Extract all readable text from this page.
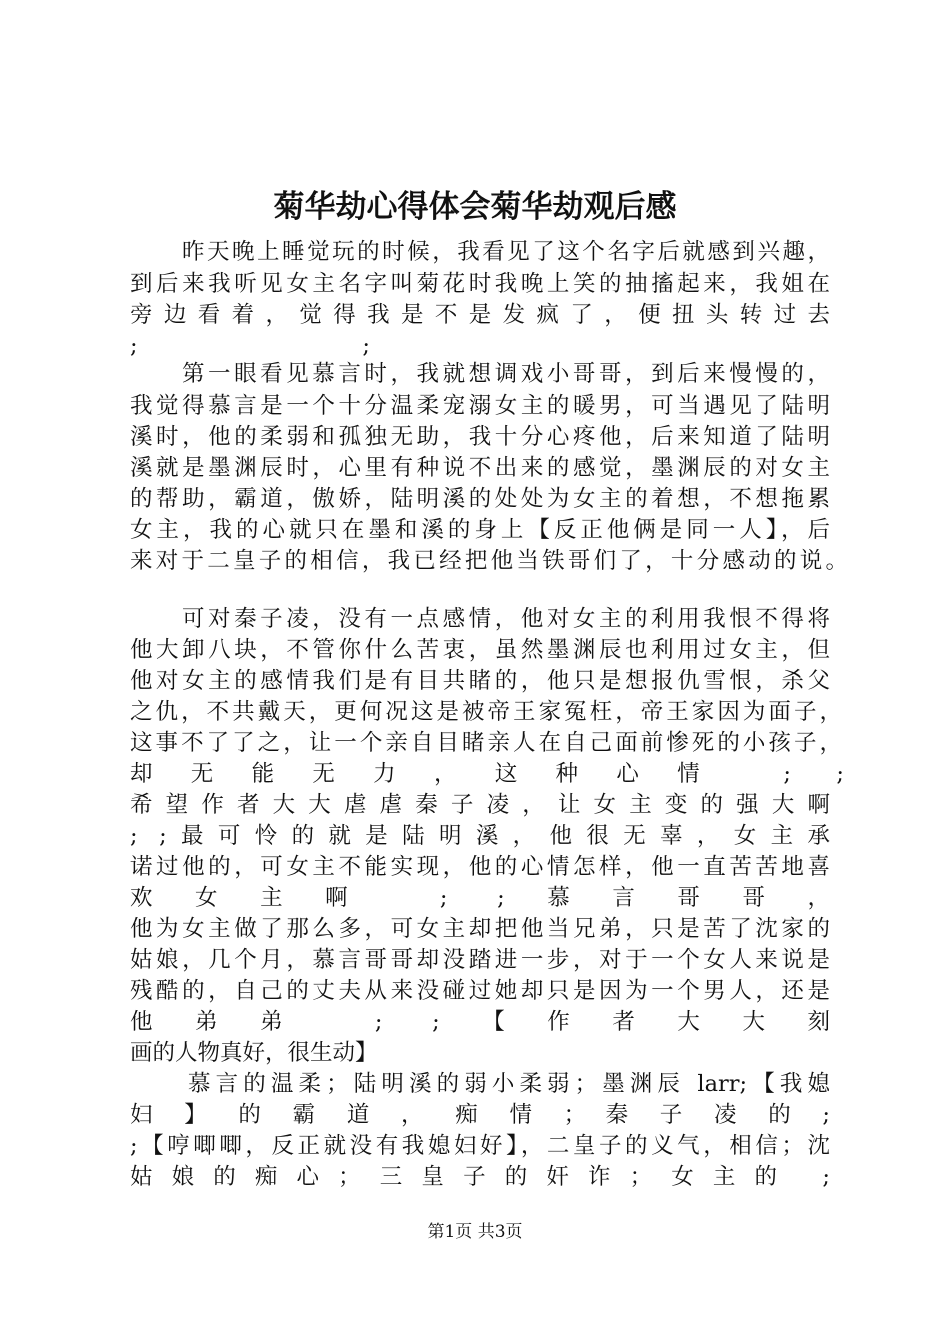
菊华劫心得体会菊华劫观后感
昨天晚上睡觉玩的时候，我看见了这个名字后就感到兴趣，
到后来我听见女主名字叫菊花时我晚上笑的抽搐起来，我姐在
旁 边 看 着 ， 觉 得 我 是 不 是 发 疯 了 ， 便 扭 头 转 过 去
; ;
第一眼看见慕言时，我就想调戏小哥哥，到后来慢慢的，
我觉得慕言是一个十分温柔宠溺女主的暖男，可当遇见了陆明
溪时，他的柔弱和孤独无助，我十分心疼他，后来知道了陆明
溪就是墨渊辰时，心里有种说不出来的感觉，墨渊辰的对女主
的帮助，霸道，傲娇，陆明溪的处处为女主的着想，不想拖累
女主，我的心就只在墨和溪的身上【反正他俩是同一人】，后
来对于二皇子的相信，我已经把他当铁哥们了，十分感动的说。
可对秦子凌，没有一点感情，他对女主的利用我恨不得将
他大卸八块，不管你什么苦衷，虽然墨渊辰也利用过女主，但
他对女主的感情我们是有目共睹的，他只是想报仇雪恨，杀父
之仇，不共戴天，更何况这是被帝王家冤枉，帝王家因为面子，
这事不了了之，让一个亲自目睹亲人在自己面前惨死的小孩子，
却无能无力，这种心情 ; ;
希 望 作 者 大 大 虐 虐 秦 子 凌 ， 让 女 主 变 的 强 大 啊
; ;最可怜的就是陆明溪，他很无辜，女主承
诺过他的，可女主不能实现，他的心情怎样，他一直苦苦地喜
欢女主啊 ; ;慕言哥哥，
他为女主做了那么多，可女主却把他当兄弟，只是苦了沈家的
姑娘，几个月，慕言哥哥却没踏进一步，对于一个女人来说是
残酷的，自己的丈夫从来没碰过她却只是因为一个男人，还是
他弟弟 ; ;【作者大大刻
画的人物真好，很生动】
慕言的温柔；陆明溪的弱小柔弱；墨渊辰 larr;【我媳
妇 】 的 霸 道 ， 痴 情 ； 秦 子 凌 的 ;
;【哼唧唧，反正就没有我媳妇好】，二皇子的义气，相信；沈
姑娘的痴心；三皇子的奸诈；女主的 ;
第1页 共3页
